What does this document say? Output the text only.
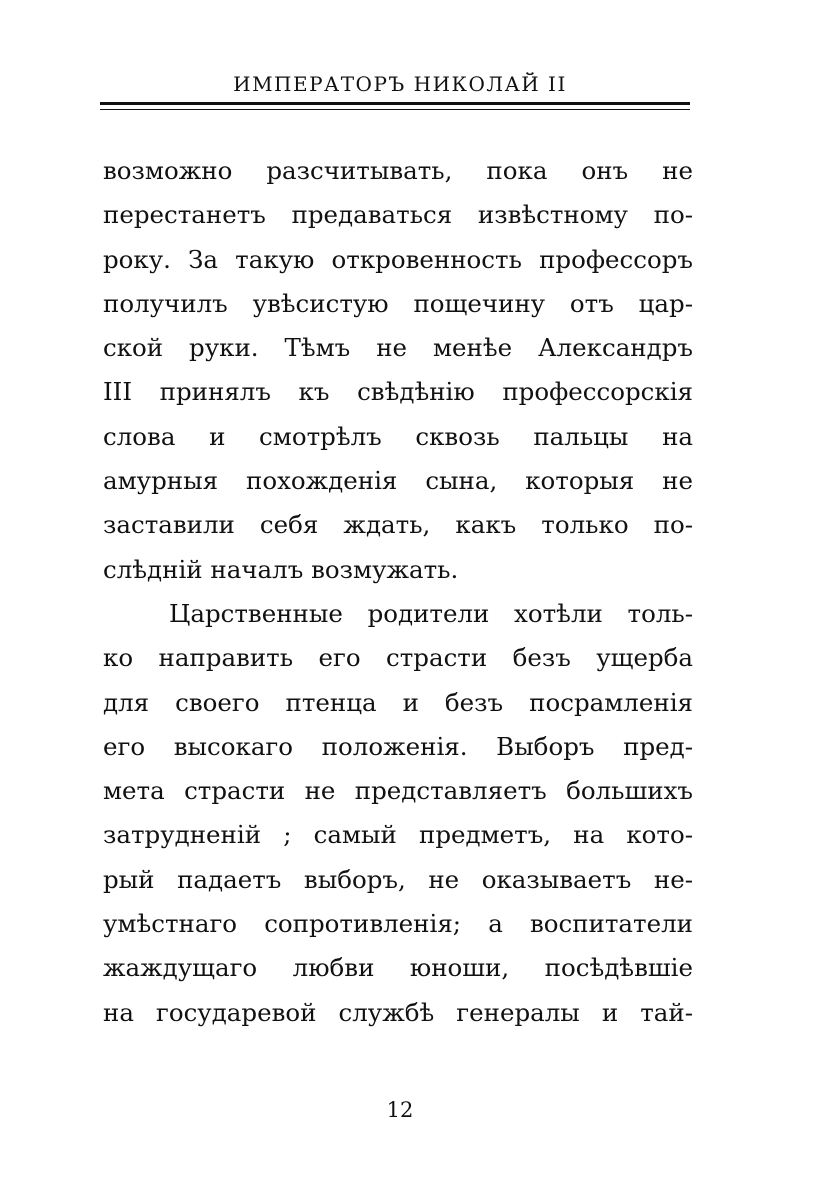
ИМПЕРАТОРЪ НИКОЛАЙ II
возможно разсчитывать, пока онъ не
перестанетъ предаваться извѣстному по-
року. За такую откровенность профессоръ
получилъ увѣсистую пощечину отъ цар-
ской руки. Тѣмъ не менѣе Александръ
III принялъ къ свѣдѣнію профессорскія
слова и смотрѣлъ сквозь пальцы на
амурныя похожденія сына, которыя не
заставили себя ждать, какъ только по-
слѣдній началъ возмужать.
Царственные родители хотѣли толь-
ко направить его страсти безъ ущерба
для своего птенца и безъ посрамленія
его высокаго положенія. Выборъ пред-
мета страсти не представляетъ большихъ
затрудненій ; самый предметъ, на кото-
рый падаетъ выборъ, не оказываетъ не-
умѣстнаго сопротивленія; а воспитатели
жаждущаго любви юноши, посѣдѣвшіе
на государевой службѣ генералы и тай-
12
